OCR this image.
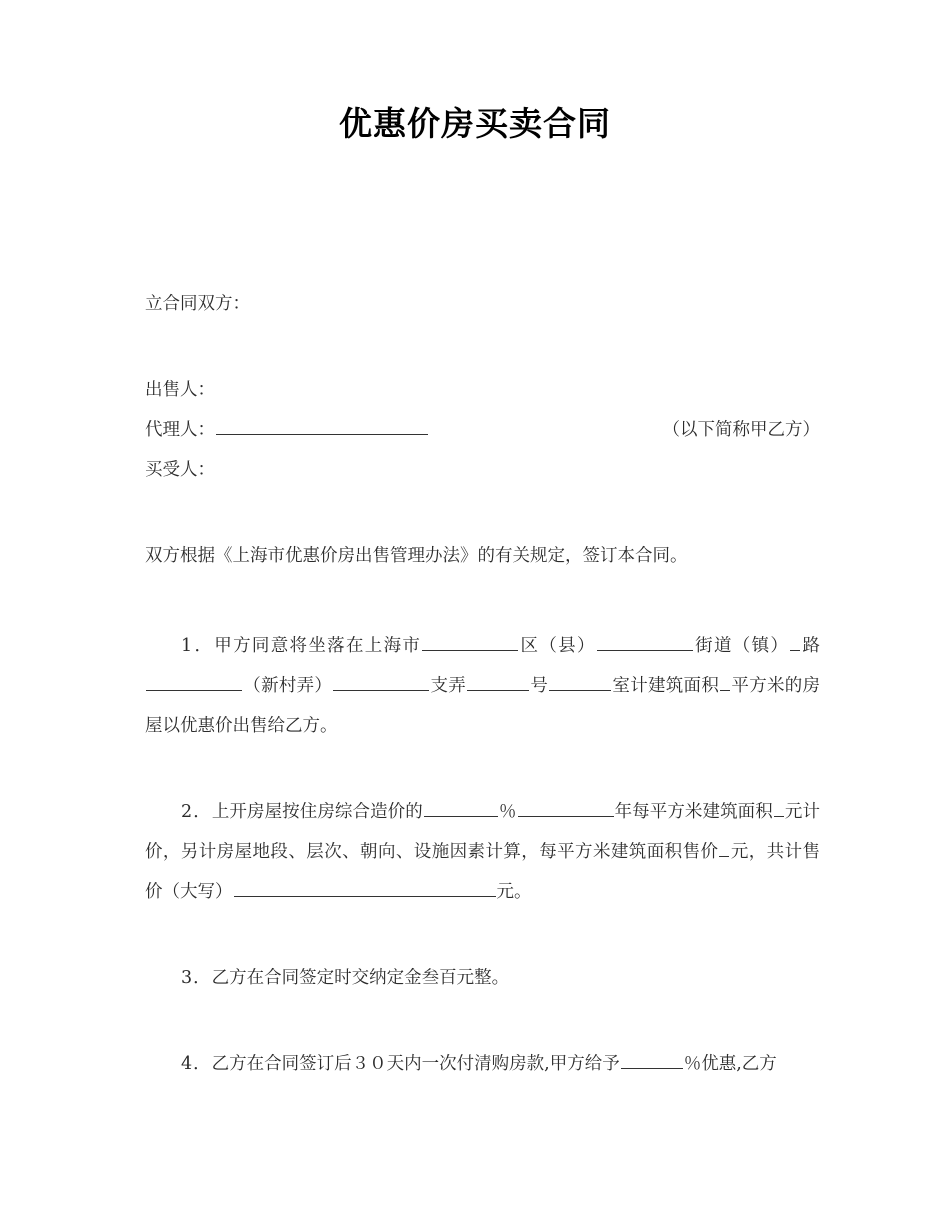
优惠价房买卖合同

立合同双方：

出售人：

代理人：	（以下简称甲乙方）

买受人：

双方根据《上海市优惠价房出售管理办法》的有关规定，签订本合同。

1．甲方同意将坐落在上海市	区（县）	街道（镇） 路（新村弄）	支弄	号	室计建筑面积 平方米的房屋以优惠价出售给乙方。

2．上开房屋按住房综合造价的	％	年每平方米建筑面积 元计价，另计房屋地段、层次、朝向、设施因素计算，每平方米建筑面积售价 元，共计售价（大写）	元。

3．乙方在合同签定时交纳定金叁百元整。

4．乙方在合同签订后３０天内一次付清购房款,甲方给予	％优惠,乙方
